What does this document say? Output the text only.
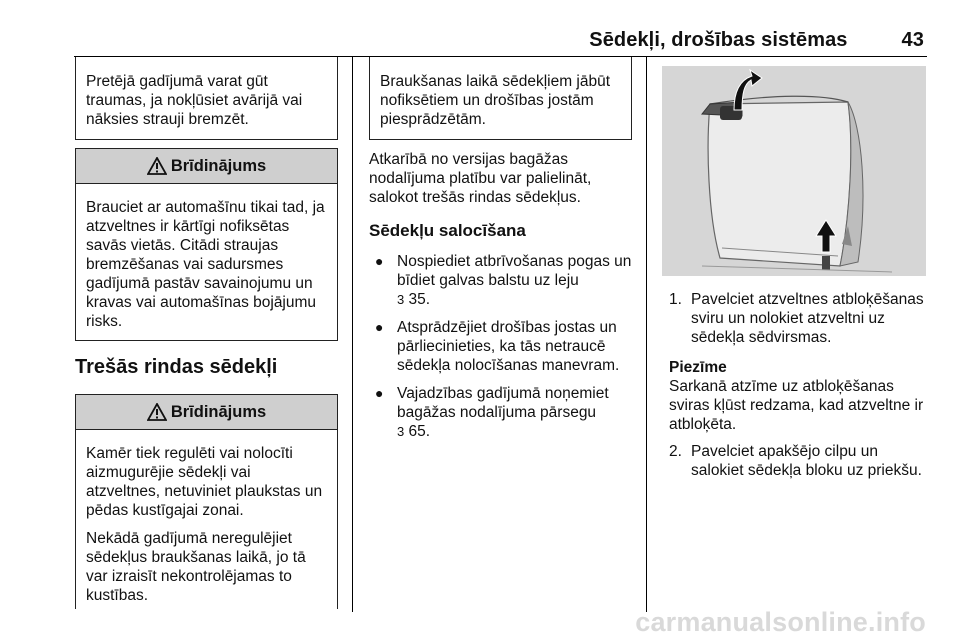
Sēdekļi, drošības sistēmas	43

Pretējā gadījumā varat gūt traumas, ja nokļūsiet avārijā vai nāksies strauji bremzēt.

Brīdinājums

Brauciet ar automašīnu tikai tad, ja atzveltnes ir kārtīgi nofiksētas savās vietās. Citādi straujas bremzēšanas vai sadursmes gadījumā pastāv savainojumu un kravas vai automašīnas bojājumu risks.

Trešās rindas sēdekļi
Brīdinājums

Kamēr tiek regulēti vai nolocīti aizmugurējie sēdekļi vai atzveltnes, netuviniet plaukstas un pēdas kustīgajai zonai.

Nekādā gadījumā neregulējiet sēdekļus braukšanas laikā, jo tā var izraisīt nekontrolējamas to kustības.

Braukšanas laikā sēdekļiem jābūt nofiksētiem un drošības jostām piesprādzētām.

Atkarībā no versijas bagāžas nodalījuma platību var palielināt, salokot trešās rindas sēdekļus.

Sēdekļu salocīšana
● Nospiediet atbrīvošanas pogas un bīdiet galvas balstu uz leju
3 35.
● Atsprādzējiet drošības jostas un pārliecinieties, ka tās netraucē sēdekļa nolocīšanas manevram.
● Vajadzības gadījumā noņemiet bagāžas nodalījuma pārsegu
3 65.
1. Pavelciet atzveltnes atbloķēšanas sviru un nolokiet atzveltni uz sēdekļa sēdvirsmas.

Piezīme

Sarkanā atzīme uz atbloķēšanas sviras kļūst redzama, kad atzveltne ir atbloķēta.

2. Pavelciet apakšējo cilpu un salokiet sēdekļa bloku uz priekšu.
carmanualsonline.info
